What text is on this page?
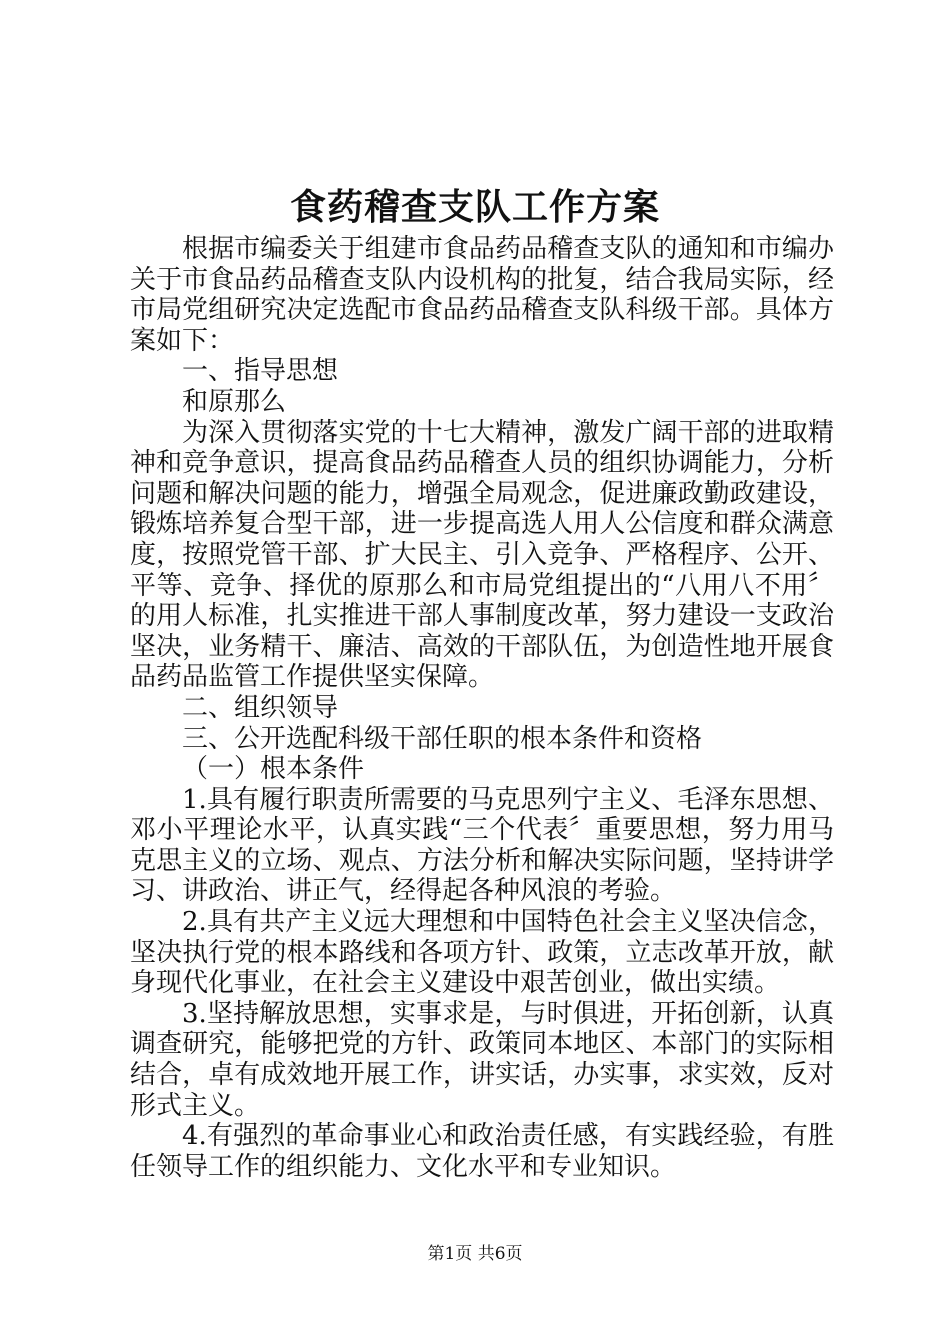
食药稽查支队工作方案

根据市编委关于组建市食品药品稽查支队的通知和市编办关于市食品药品稽查支队内设机构的批复，结合我局实际，经市局党组研究决定选配市食品药品稽查支队科级干部。具体方案如下：

一、指导思想

和原那么

为深入贯彻落实党的十七大精神，激发广阔干部的进取精神和竞争意识，提高食品药品稽查人员的组织协调能力，分析问题和解决问题的能力，增强全局观念，促进廉政勤政建设，锻炼培养复合型干部，进一步提高选人用人公信度和群众满意度，按照党管干部、扩大民主、引入竞争、严格程序、公开、平等、竞争、择优的原那么和市局党组提出的“八用八不用〞的用人标准，扎实推进干部人事制度改革，努力建设一支政治坚决，业务精干、廉洁、高效的干部队伍，为创造性地开展食品药品监管工作提供坚实保障。

二、组织领导

三、公开选配科级干部任职的根本条件和资格

（一）根本条件

1.具有履行职责所需要的马克思列宁主义、毛泽东思想、邓小平理论水平，认真实践“三个代表〞重要思想，努力用马克思主义的立场、观点、方法分析和解决实际问题，坚持讲学习、讲政治、讲正气，经得起各种风浪的考验。

2.具有共产主义远大理想和中国特色社会主义坚决信念，坚决执行党的根本路线和各项方针、政策，立志改革开放，献身现代化事业，在社会主义建设中艰苦创业，做出实绩。

3.坚持解放思想，实事求是，与时俱进，开拓创新，认真调查研究，能够把党的方针、政策同本地区、本部门的实际相结合，卓有成效地开展工作，讲实话，办实事，求实效，反对形式主义。

4.有强烈的革命事业心和政治责任感，有实践经验，有胜任领导工作的组织能力、文化水平和专业知识。

第1页 共6页
